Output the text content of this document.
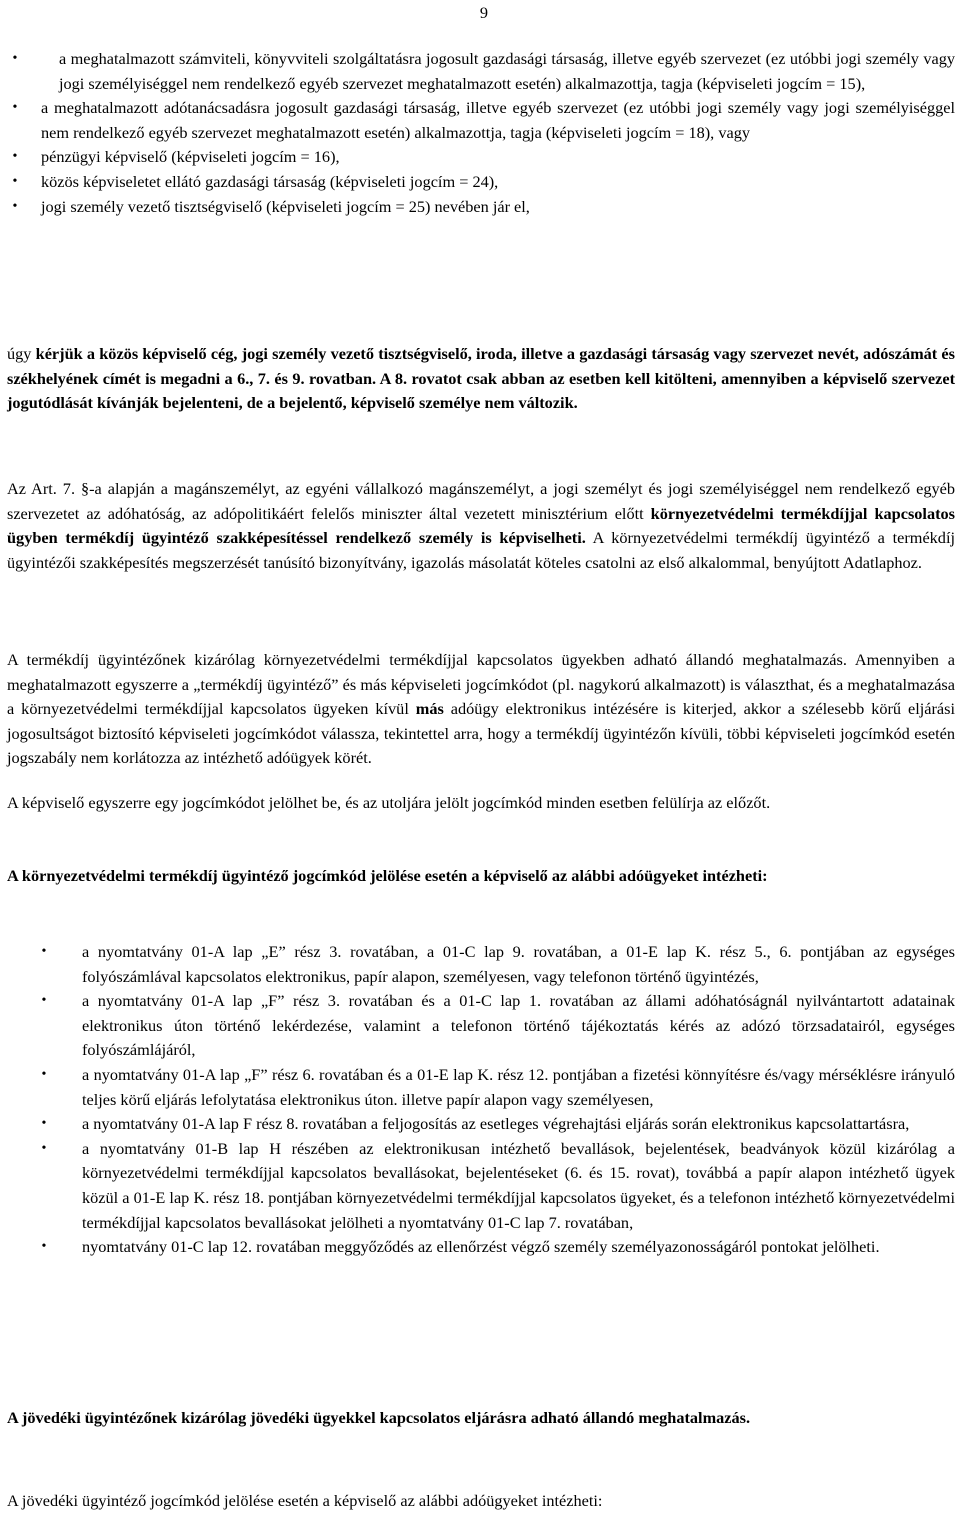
9
•	a meghatalmazott számviteli, könyvviteli szolgáltatásra jogosult gazdasági társaság, illetve egyéb szervezet (ez utóbbi jogi személy vagy jogi személyiséggel nem rendelkező egyéb szervezet meghatalmazott esetén) alkalmazottja, tagja (képviseleti jogcím = 15),
•	a meghatalmazott adótanácsadásra jogosult gazdasági társaság, illetve egyéb szervezet (ez utóbbi jogi személy vagy jogi személyiséggel nem rendelkező egyéb szervezet meghatalmazott esetén) alkalmazottja, tagja (képviseleti jogcím = 18), vagy
•	pénzügyi képviselő (képviseleti jogcím = 16),
•	közös képviseletet ellátó gazdasági társaság (képviseleti jogcím = 24),
•	jogi személy vezető tisztségviselő (képviseleti jogcím = 25) nevében jár el,

úgy kérjük a közös képviselő cég, jogi személy vezető tisztségviselő, iroda, illetve a gazdasági társaság vagy szervezet nevét, adószámát és székhelyének címét is megadni a 6., 7. és 9. rovatban. A 8. rovatot csak abban az esetben kell kitölteni, amennyiben a képviselő szervezet jogutódlását kívánják bejelenteni, de a bejelentő, képviselő személye nem változik.

Az Art. 7. §-a alapján a magánszemélyt, az egyéni vállalkozó magánszemélyt, a jogi személyt és jogi személyiséggel nem rendelkező egyéb szervezetet az adóhatóság, az adópolitikáért felelős miniszter által vezetett minisztérium előtt környezetvédelmi termékdíjjal kapcsolatos ügyben termékdíj ügyintéző szakképesítéssel rendelkező személy is képviselheti. A környezetvédelmi termékdíj ügyintéző a termékdíj ügyintézői szakképesítés megszerzését tanúsító bizonyítvány, igazolás másolatát köteles csatolni az első alkalommal, benyújtott Adatlaphoz.

A termékdíj ügyintézőnek kizárólag környezetvédelmi termékdíjjal kapcsolatos ügyekben adható állandó meghatalmazás. Amennyiben a meghatalmazott egyszerre a „termékdíj ügyintéző” és más képviseleti jogcímkódot (pl. nagykorú alkalmazott) is választhat, és a meghatalmazása a környezetvédelmi termékdíjjal kapcsolatos ügyeken kívül más adóügy elektronikus intézésére is kiterjed, akkor a szélesebb körű eljárási jogosultságot biztosító képviseleti jogcímkódot válassza, tekintettel arra, hogy a termékdíj ügyintézőn kívüli, többi képviseleti jogcímkód esetén jogszabály nem korlátozza az intézhető adóügyek körét.

A képviselő egyszerre egy jogcímkódot jelölhet be, és az utoljára jelölt jogcímkód minden esetben felülírja az előzőt.

A környezetvédelmi termékdíj ügyintéző jogcímkód jelölése esetén a képviselő az alábbi adóügyeket intézheti:

•	a nyomtatvány 01-A lap „E” rész 3. rovatában, a 01-C lap 9. rovatában, a 01-E lap K. rész 5., 6. pontjában az egységes folyószámlával kapcsolatos elektronikus, papír alapon, személyesen, vagy telefonon történő ügyintézés,
•	a nyomtatvány 01-A lap „F” rész 3. rovatában és a 01-C lap 1. rovatában az állami adóhatóságnál nyilvántartott adatainak elektronikus úton történő lekérdezése, valamint a telefonon történő tájékoztatás kérés az adózó törzsadatairól, egységes folyószámlájáról,
•	a nyomtatvány 01-A lap „F” rész 6. rovatában és a 01-E lap K. rész 12. pontjában a fizetési könnyítésre és/vagy mérséklésre irányuló teljes körű eljárás lefolytatása elektronikus úton. illetve papír alapon vagy személyesen,
•	a nyomtatvány 01-A lap F rész 8. rovatában a feljogosítás az esetleges végrehajtási eljárás során elektronikus kapcsolattartásra,
•	a nyomtatvány 01-B lap H részében az elektronikusan intézhető bevallások, bejelentések, beadványok közül kizárólag a környezetvédelmi termékdíjjal kapcsolatos bevallásokat, bejelentéseket (6. és 15. rovat), továbbá a papír alapon intézhető ügyek közül a 01-E lap K. rész 18. pontjában környezetvédelmi termékdíjjal kapcsolatos ügyeket, és a telefonon intézhető környezetvédelmi termékdíjjal kapcsolatos bevallásokat jelölheti a nyomtatvány 01-C lap 7. rovatában,
•	nyomtatvány 01-C lap 12. rovatában meggyőződés az ellenőrzést végző személy személyazonosságáról pontokat jelölheti.

A jövedéki ügyintézőnek kizárólag jövedéki ügyekkel kapcsolatos eljárásra adható állandó meghatalmazás.

A jövedéki ügyintéző jogcímkód jelölése esetén a képviselő az alábbi adóügyeket intézheti:
